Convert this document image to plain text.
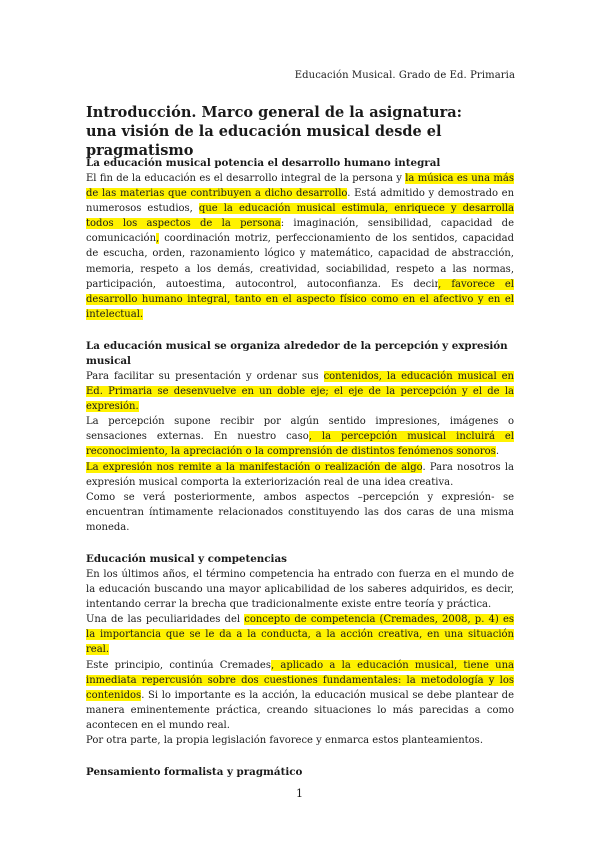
Educación Musical. Grado de Ed. Primaria
Introducción. Marco general de la asignatura:
una visión de la educación musical desde el pragmatismo
La educación musical potencia el desarrollo humano integral

El fin de la educación es el desarrollo integral de la persona y la música es una más de las materias que contribuyen a dicho desarrollo. Está admitido y demostrado en numerosos estudios, que la educación musical estimula, enriquece y desarrolla todos los aspectos de la persona: imaginación, sensibilidad, capacidad de comunicación, coordinación motriz, perfeccionamiento de los sentidos, capacidad de escucha, orden, razonamiento lógico y matemático, capacidad de abstracción, memoria, respeto a los demás, creatividad, sociabilidad, respeto a las normas, participación, autoestima, autocontrol, autoconfianza. Es decir, favorece el desarrollo humano integral, tanto en el aspecto físico como en el afectivo y en el intelectual.

La educación musical se organiza alrededor de la percepción y expresión musical

Para facilitar su presentación y ordenar sus contenidos, la educación musical en Ed. Primaria se desenvuelve en un doble eje; el eje de la percepción y el de la expresión.

La percepción supone recibir por algún sentido impresiones, imágenes o sensaciones externas. En nuestro caso, la percepción musical incluirá el reconocimiento, la apreciación o la comprensión de distintos fenómenos sonoros.

La expresión nos remite a la manifestación o realización de algo. Para nosotros la expresión musical comporta la exteriorización real de una idea creativa.

Como se verá posteriormente, ambos aspectos –percepción y expresión- se encuentran íntimamente relacionados constituyendo las dos caras de una misma moneda.

Educación musical y competencias

En los últimos años, el término competencia ha entrado con fuerza en el mundo de la educación buscando una mayor aplicabilidad de los saberes adquiridos, es decir, intentando cerrar la brecha que tradicionalmente existe entre teoría y práctica.

Una de las peculiaridades del concepto de competencia (Cremades, 2008, p. 4) es la importancia que se le da a la conducta, a la acción creativa, en una situación real.

Este principio, continúa Cremades, aplicado a la educación musical, tiene una inmediata repercusión sobre dos cuestiones fundamentales: la metodología y los contenidos. Si lo importante es la acción, la educación musical se debe plantear de manera eminentemente práctica, creando situaciones lo más parecidas a como acontecen en el mundo real.

Por otra parte, la propia legislación favorece y enmarca estos planteamientos.

Pensamiento formalista y pragmático
1
